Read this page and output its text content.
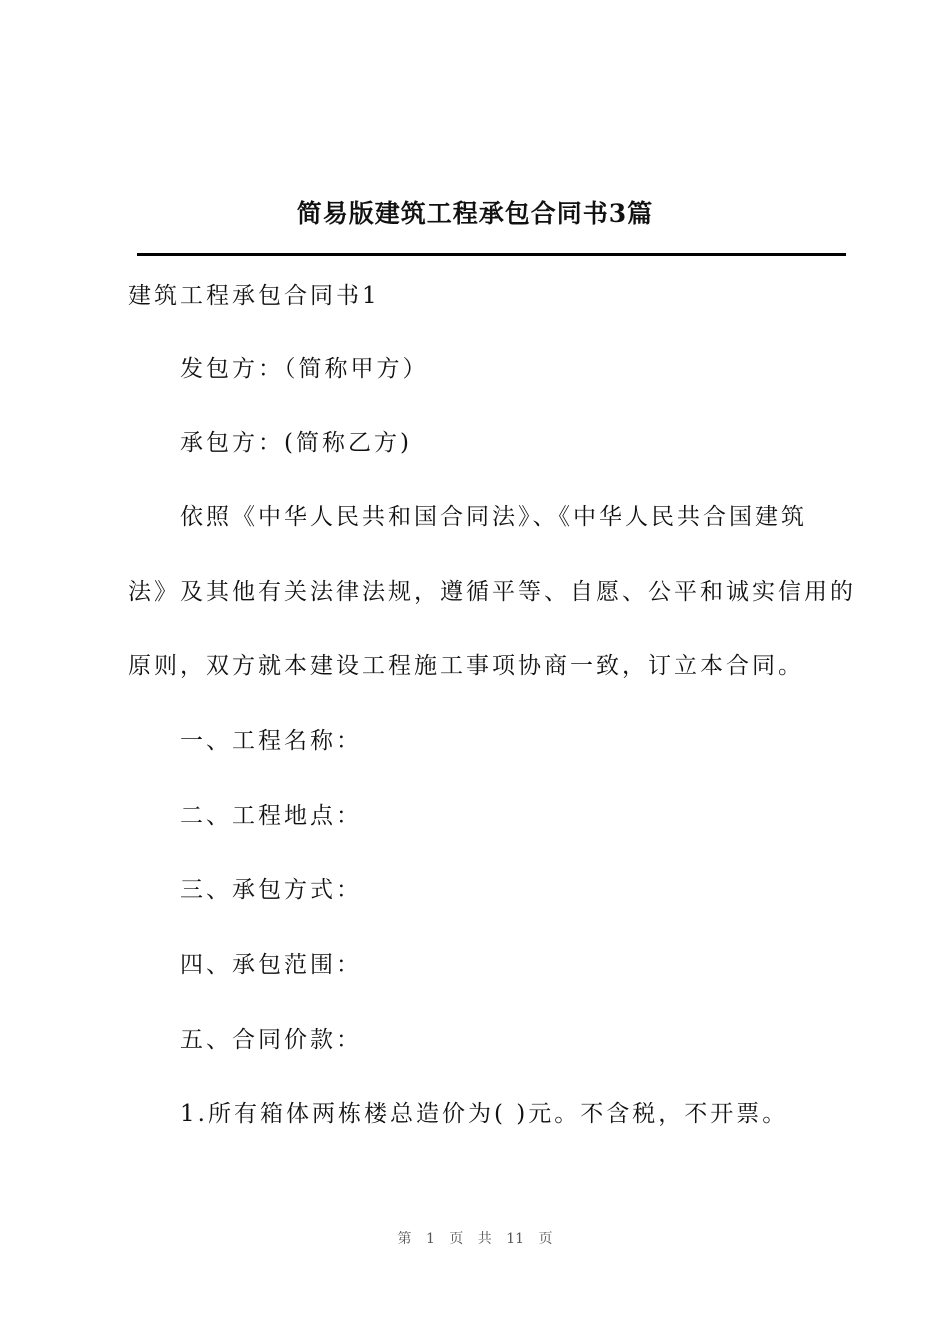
简易版建筑工程承包合同书3篇

建筑工程承包合同书1

发包方：（简称甲方）

承包方：(简称乙方)

依照《中华人民共和国合同法》、《中华人民共合国建筑

法》及其他有关法律法规，遵循平等、自愿、公平和诚实信用的

原则，双方就本建设工程施工事项协商一致，订立本合同。

一、工程名称：

二、工程地点：

三、承包方式：

四、承包范围：

五、合同价款：

1.所有箱体两栋楼总造价为( )元。不含税，不开票。

第 1 页 共 11 页
